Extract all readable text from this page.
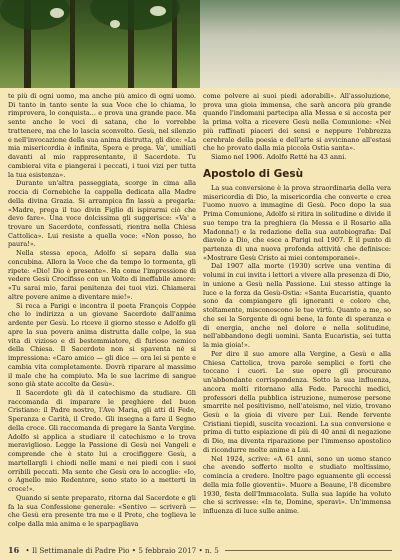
te più di ogni uomo, ma anche più amico di ogni uomo. Di tanto in tanto sente la sua Voce che lo chiama, lo rimprovera, lo conquista... e prova una grande pace. Ma sente anche le voci di satana, che lo vorrebbe trattenere, ma che lo lascia sconvolto. Gesù, nel silenzio e nell'invocazione della sua anima distrutta, gli dice: «La mia misericordia è infinita, Spera e prega. Va', umiliati davanti al mio rappresentante, il Sacerdote. Tu cambierai vita e piangerai i peccati, i tuoi vizi per tutta la tua esistenza».

Durante un'altra passeggiata, scorge in cima alla roccia di Cornebiche la cappella dedicata alla Madre della divina Grazia. Si arrampica fin lassù a pregarla: «Madre, prega il tuo divin Figlio di ispirarmi ciò che devo fare». Una voce dolcissima gli suggerisce: «Va' a trovare un Sacerdote, confessati, rientra nella Chiesa Cattolica». Lui resiste a quella voce: «Non posso, ho paura!».

Nella stessa epoca, Adolfo si separa dalla sua concubina. Allora la Voce che da tempo lo tormenta, gli ripete: «Dio! Dio è presente». Ha come l'impressione di vedere Gesù Crocifisso con un Volto di ineffabile amore: «Tu sarai mio, farai penitenza dei tuoi vizi. Chiamerai altre povere anime a diventare mie!».

Si reca a Parigi e incontra il poeta François Coppée che lo indirizza a un giovane Sacerdote dall'anima ardente per Gesù. Lo riceve il giorno stesso e Adolfo gli apre la sua povera anima distrutta dalle colpe, la sua vita di vizioso e di bestemmiatore, di furioso nemico della Chiesa. Il Sacerdote non si spaventa né si impressiona: «Caro amico — gli dice — ora lei si pente e cambia vita completamente. Dovrà riparare al massimo il male che ha compiuto. Ma le sue lacrime di sangue sono già state accolte da Gesù».

Il Sacerdote gli dà il catechismo da studiare. Gli raccomanda di imparare le preghiere del buon Cristiano: il Padre nostro, l'Ave Maria, gli atti di Fede, Speranza e Carità, il Credo. Gli insegna a fare il Segno della croce. Gli raccomanda di pregare la Santa Vergine. Adolfo si applica a studiare il catechismo e lo trova meraviglioso. Legge la Passione di Gesù nei Vangeli e comprende che è stato lui a crocifiggere Gesù, a martellargli i chiodi nelle mani e nei piedi con i suoi orribili peccati. Ma sente che Gesù ora lo accoglie: «Io, o Agnello mio Redentore, sono stato io a metterti in croce!».

Quando si sente preparato, ritorna dal Sacerdote e gli fa la sua Confessione generale: «Sentivo — scriverà — che Gesù era presente tra me e il Prete, che toglieva le colpe dalla mia anima e le sparpagliava

come polvere ai suoi piedi adorabili». All'assoluzione, prova una gioia immensa, che sarà ancora più grande quando l'indomani partecipa alla Messa e si accosta per la prima volta a ricevere Gesù nella Comunione: «Nei più raffinati piaceri dei sensi e neppure l'ebbrezza cerebrale della poesia e dell'arte si avvicinano all'estasi che ho provato dalla mia piccola Ostia santa».

Siamo nel 1906. Adolfo Retté ha 43 anni.

Apostolo di Gesù

La sua conversione è la prova straordinaria della vera misericordia di Dio, la misericordia che converte e crea l'uomo nuovo a immagine di Gesù. Poco dopo la sua Prima Comunione, Adolfo si ritira in solitudine e divide il suo tempo tra la preghiera (la Messa e il Rosario alla Madonna!) e la redazione della sua autobiografia: Dal diavolo a Dio, che esce a Parigi nel 1907. È il punto di partenza di una nuova profonda attività che definisce: «Mostrare Gesù Cristo ai miei contemporanei».

Dal 1907 alla morte (1930) scrive una ventina di volumi in cui invita i lettori a vivere alla presenza di Dio, in unione a Gesù nella Passione. Lui stesso attinge la luce e la forza da Gesù-Ostia: «Santa Eucaristia, quanto sono da compiangere gli ignoranti e coloro che, stoltamente, misconoscono le tue virtù. Quanto a me, so che sei la Sorgente di ogni bene, la fonte di speranza e di energia, anche nel dolore e nella solitudine, nell'abbandono degli uomini. Santa Eucaristia, sei tutta la mia gioia!».

Per dire il suo amore alla Vergine, a Gesù e alla Chiesa Cattolica, trova parole semplici e forti che toccano i cuori. Le sue opere gli procurano un'abbondante corrispondenza. Sotto la sua influenza, ancora molti ritornano alla Fede. Parecchi medici, professori della pubblica istruzione, numerose persone smarrite nel positivismo, nell'ateismo, nel vizio, trovano Gesù e la gioia di vivere per Lui. Rende fervente Cristiani tiepidi, suscita vocazioni. La sua conversione e prima di tutto espiazione di più di 40 anni di negazione di Dio, ma diventa riparazione per l'immenso apostolico di ricondurre molte anime a Lui.

Nel 1924, scrive: «A 61 anni, sono un uomo stanco che avendo sofferto molto e studiato moltissimo, comincia a credere. Inoltre pago eguamente gli eccessi della mia folle gioventù». Muore a Beaune, l'8 dicembre 1930, festa dell'Immacolata. Sulla sua lapide ha voluto che si scrivesse: «In te, Domine, speravi». Un'immensa influenza di luce sulle anime.

16 • Il Settimanale di Padre Pio • 5 febbraio 2017 • n. 5
